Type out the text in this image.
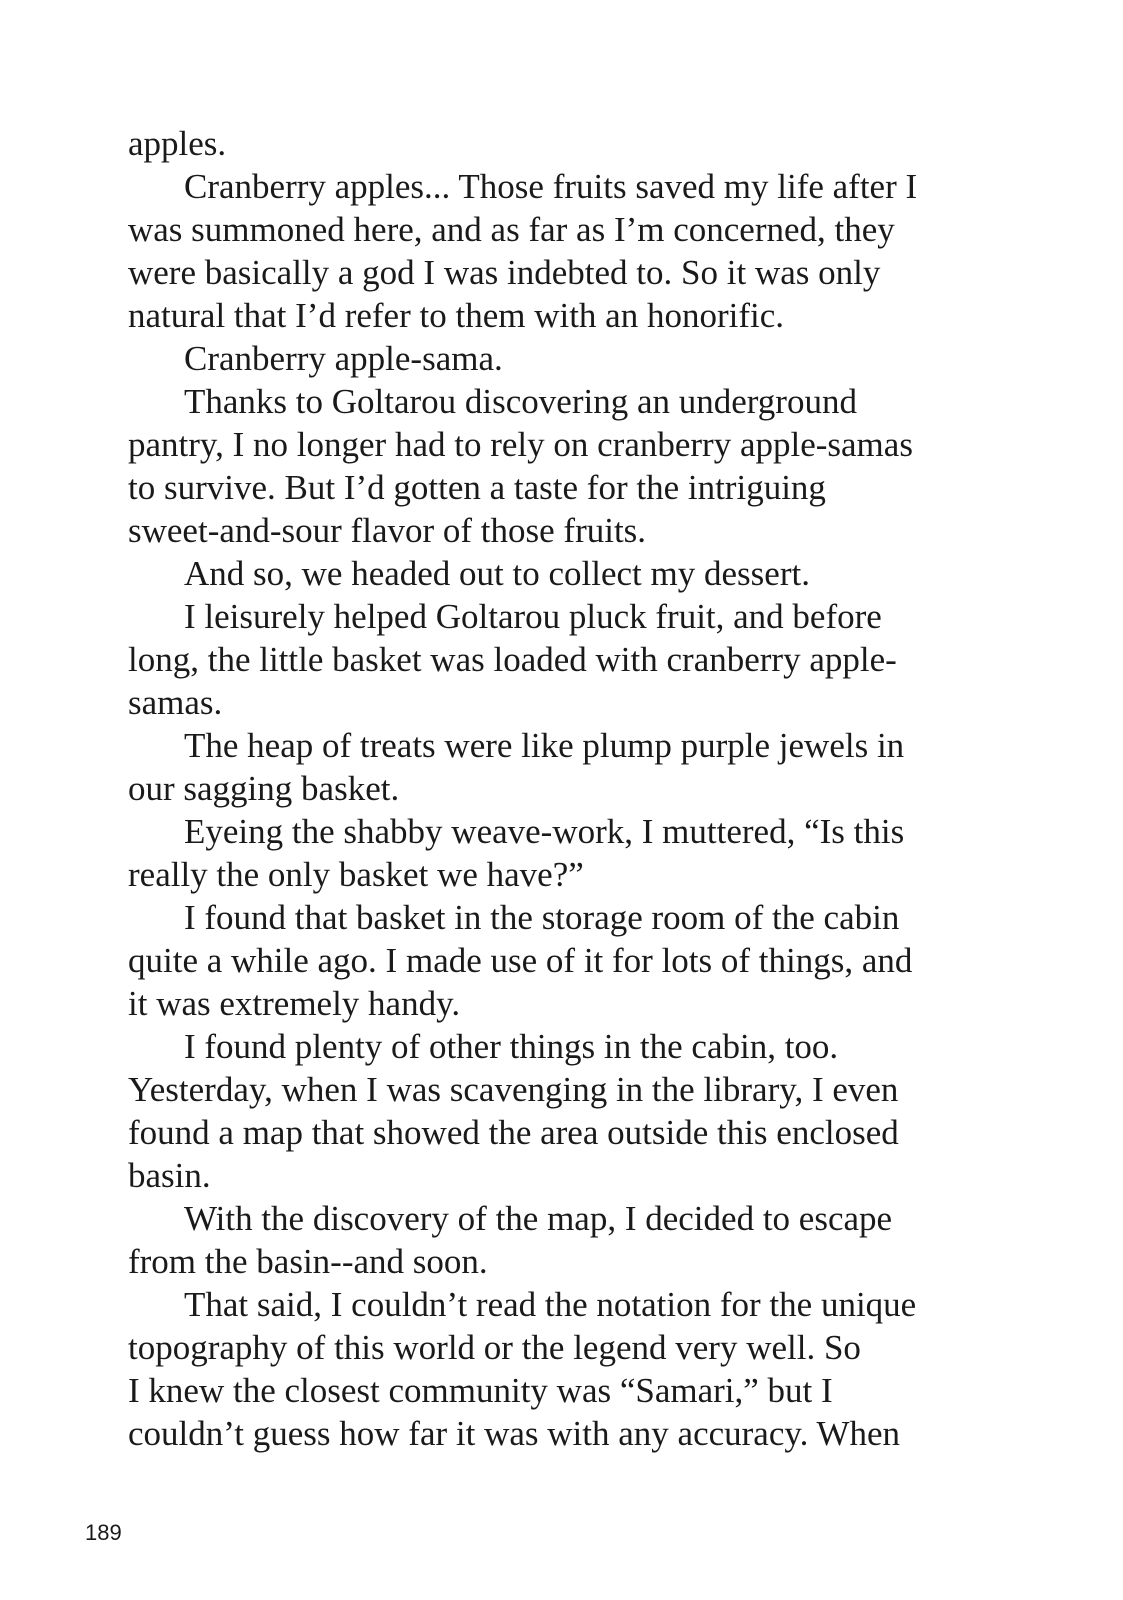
apples.
Cranberry apples... Those fruits saved my life after I
was summoned here, and as far as I’m concerned, they
were basically a god I was indebted to. So it was only
natural that I’d refer to them with an honorific.
Cranberry apple-sama.
Thanks to Goltarou discovering an underground
pantry, I no longer had to rely on cranberry apple-samas
to survive. But I’d gotten a taste for the intriguing
sweet-and-sour flavor of those fruits.
And so, we headed out to collect my dessert.
I leisurely helped Goltarou pluck fruit, and before
long, the little basket was loaded with cranberry apple-
samas.
The heap of treats were like plump purple jewels in
our sagging basket.
Eyeing the shabby weave-work, I muttered, “Is this
really the only basket we have?”
I found that basket in the storage room of the cabin
quite a while ago. I made use of it for lots of things, and
it was extremely handy.
I found plenty of other things in the cabin, too.
Yesterday, when I was scavenging in the library, I even
found a map that showed the area outside this enclosed
basin.
With the discovery of the map, I decided to escape
from the basin--and soon.
That said, I couldn’t read the notation for the unique
topography of this world or the legend very well. So
I knew the closest community was “Samari,” but I
couldn’t guess how far it was with any accuracy. When
189
